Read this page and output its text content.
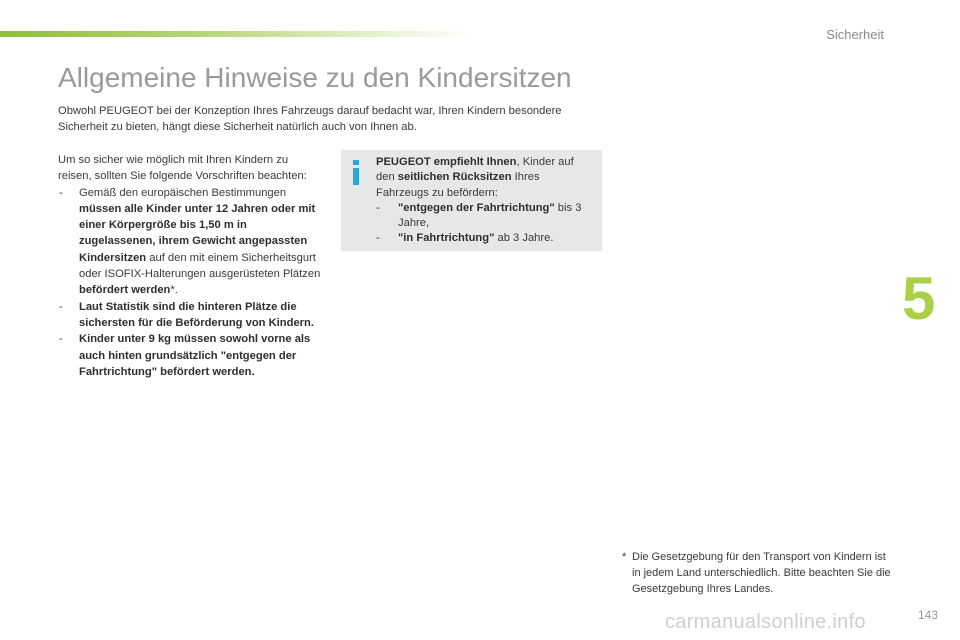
Sicherheit
Allgemeine Hinweise zu den Kindersitzen

Obwohl PEUGEOT bei der Konzeption Ihres Fahrzeugs darauf bedacht war, Ihren Kindern besondere Sicherheit zu bieten, hängt diese Sicherheit natürlich auch von Ihnen ab.

Um so sicher wie möglich mit Ihren Kindern zu reisen, sollten Sie folgende Vorschriften beachten:

- Gemäß den europäischen Bestimmungen müssen alle Kinder unter 12 Jahren oder mit einer Körpergröße bis 1,50 m in zugelassenen, ihrem Gewicht angepassten Kindersitzen auf den mit einem Sicherheitsgurt oder ISOFIX-Halterungen ausgerüsteten Plätzen befördert werden*.
- Laut Statistik sind die hinteren Plätze die sichersten für die Beförderung von Kindern.
- Kinder unter 9 kg müssen sowohl vorne als auch hinten grundsätzlich "entgegen der Fahrtrichtung" befördert werden.

PEUGEOT empfiehlt Ihnen, Kinder auf den seitlichen Rücksitzen Ihres Fahrzeugs zu befördern:

- "entgegen der Fahrtrichtung" bis 3 Jahre,
- "in Fahrtrichtung" ab 3 Jahre.
5
* Die Gesetzgebung für den Transport von Kindern ist in jedem Land unterschiedlich. Bitte beachten Sie die Gesetzgebung Ihres Landes.
143
carmanualsonline.info
